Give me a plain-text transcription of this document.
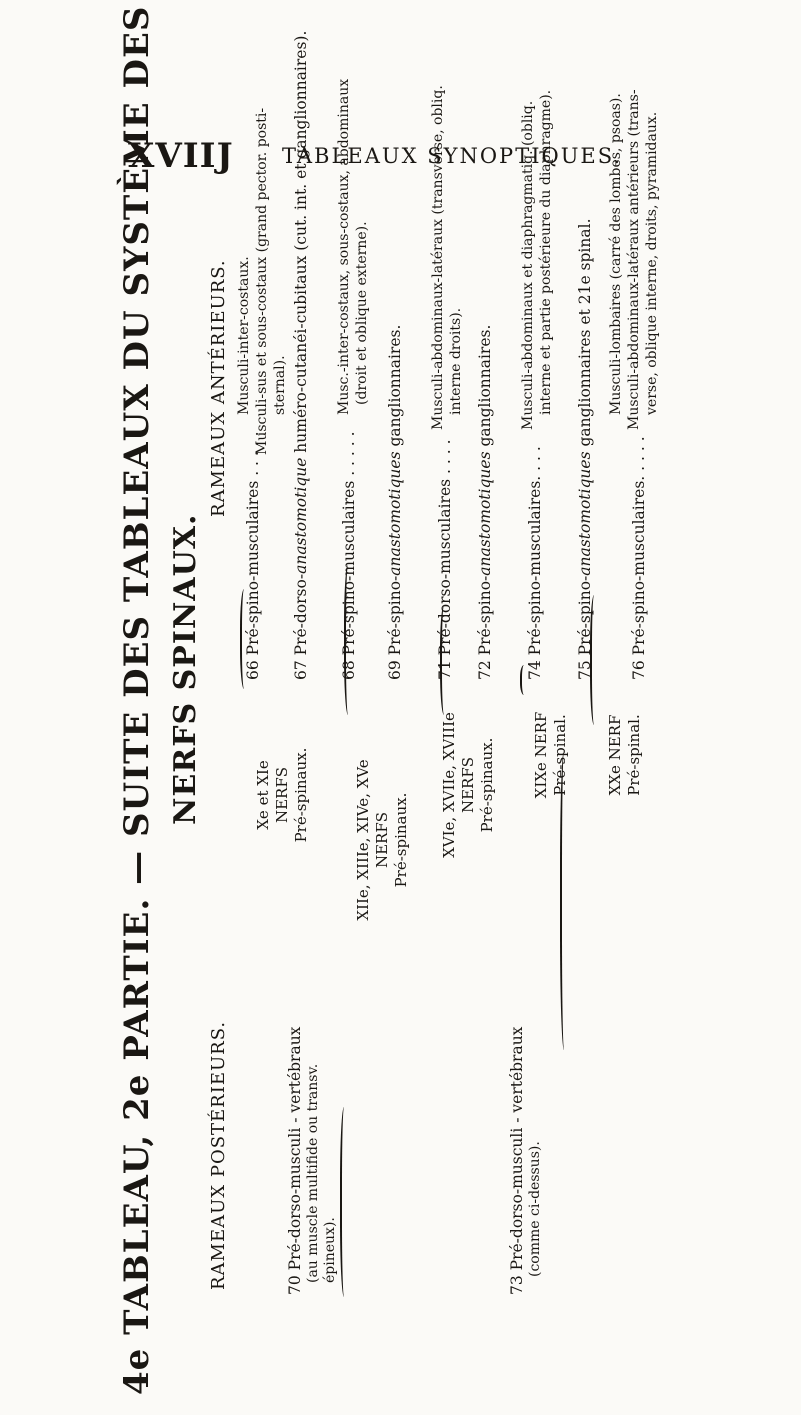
XVIIJ TABLEAUX SYNOPTIQUES.
4e TABLEAU, 2e PARTIE. — SUITE DES TABLEAUX DU SYSTÈME DES NERFS SPINAUX.
RAMEAUX POSTÉRIEURS.
RAMEAUX ANTÉRIEURS.
70 Pré-dorso-musculi - vertébraux (au muscle multifide ou transv. épineux).	73 Pré-dorso-musculi - vertébraux (comme ci-dessus).
Xe et XIe NERFS Pré-spinaux.	XIIe, XIIIe, XIVe, XVe NERFS Pré-spinaux. XVIe, XVIIe, XVIIIe NERFS Pré-spinaux. XIXe NERF Pré-spinal. XXe NERF Pré-spinal.
66 Pré-spino-musculaires . . . . .
Musculi-inter-costaux. Musculi-sus et sous-costaux (grand pector. posti- sternal).
67 Pré-dorso-anastomotique huméro-cutanéi-cubitaux (cut. int. et ganglionnaires).
68 Pré-spino-musculaires . . . . .
Musc.-inter-costaux, sous-costaux, abdominaux (droit et oblique externe).
69 Pré-spino-anastomotiques ganglionnaires.
71 Pré-dorso-musculaires . . . .
Musculi-abdominaux-latéraux (transverse, obliq. interne droits).
72 Pré-spino-anastomotiques ganglionnaires.
74 Pré-spino-musculaires. . . .
Musculi-abdominaux et diaphragmatiq. (obliq. interne et partie postérieure du diaphragme).
75 Pré-spino-anastomotiques ganglionnaires et 21e spinal.
76 Pré-spino-musculaires. . . . .
Musculi-lombaires (carré des lombes, psoas). Musculi-abdominaux-latéraux antérieurs (trans- verse, oblique interne, droits, pyramidaux.
